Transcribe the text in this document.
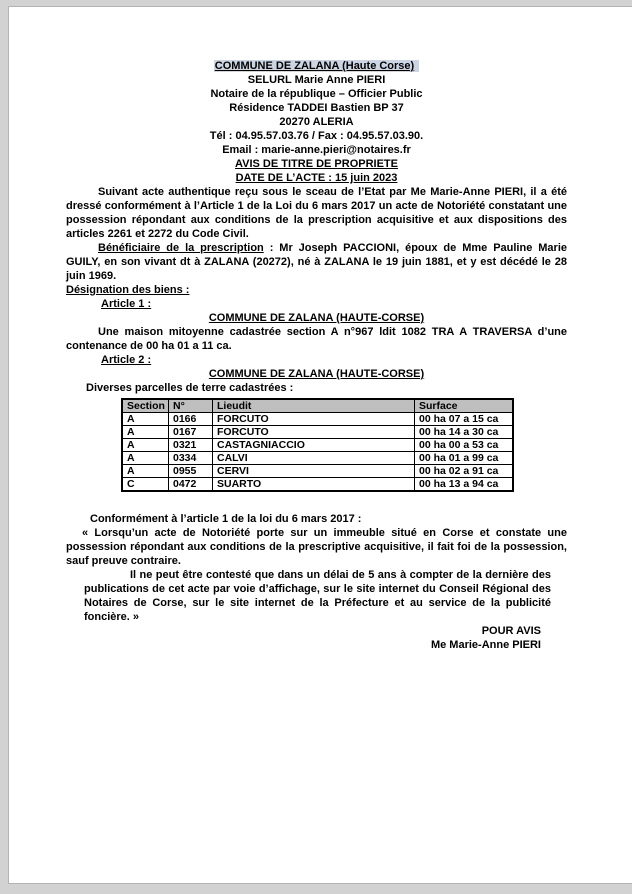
COMMUNE DE ZALANA (Haute Corse)
SELURL Marie Anne PIERI
Notaire de la république – Officier Public
Résidence TADDEI Bastien BP 37
20270 ALERIA
Tél : 04.95.57.03.76 / Fax : 04.95.57.03.90.
Email : marie-anne.pieri@notaires.fr
AVIS DE TITRE DE PROPRIETE
DATE DE L’ACTE : 15 juin 2023
Suivant acte authentique reçu sous le sceau de l’Etat par Me Marie-Anne PIERI, il a été dressé conformément à l’Article 1 de la Loi du 6 mars 2017 un acte de Notoriété constatant une possession répondant aux conditions de la prescription acquisitive et aux dispositions des articles 2261 et 2272 du Code Civil.
Bénéficiaire de la prescription : Mr Joseph PACCIONI, époux de Mme Pauline Marie GUILY, en son vivant dt à ZALANA (20272), né à ZALANA le 19 juin 1881, et y est décédé le 28 juin 1969.
Désignation des biens :
Article 1 :
COMMUNE DE ZALANA (HAUTE-CORSE)
Une maison mitoyenne cadastrée section A n°967 ldit 1082 TRA A TRAVERSA d’une contenance de 00 ha 01 a 11 ca.
Article 2 :
COMMUNE DE ZALANA (HAUTE-CORSE)
Diverses parcelles de terre cadastrées :
Section	N°	Lieudit	Surface
A	0166	FORCUTO	00 ha 07 a 15 ca
A	0167	FORCUTO	00 ha 14 a 30 ca
A	0321	CASTAGNIACCIO	00 ha 00 a 53 ca
A	0334	CALVI	00 ha 01 a 99 ca
A	0955	CERVI	00 ha 02 a 91 ca
C	0472	SUARTO	00 ha 13 a 94 ca
Conformément à l’article 1 de la loi du 6 mars 2017 :
« Lorsqu’un acte de Notoriété porte sur un immeuble situé en Corse et constate une possession répondant aux conditions de la prescriptive acquisitive, il fait foi de la possession, sauf preuve contraire.
Il ne peut être contesté que dans un délai de 5 ans à compter de la dernière des publications de cet acte par voie d’affichage, sur le site internet du Conseil Régional des Notaires de Corse, sur le site internet de la Préfecture et au service de la publicité foncière. »
POUR AVIS
Me Marie-Anne PIERI
